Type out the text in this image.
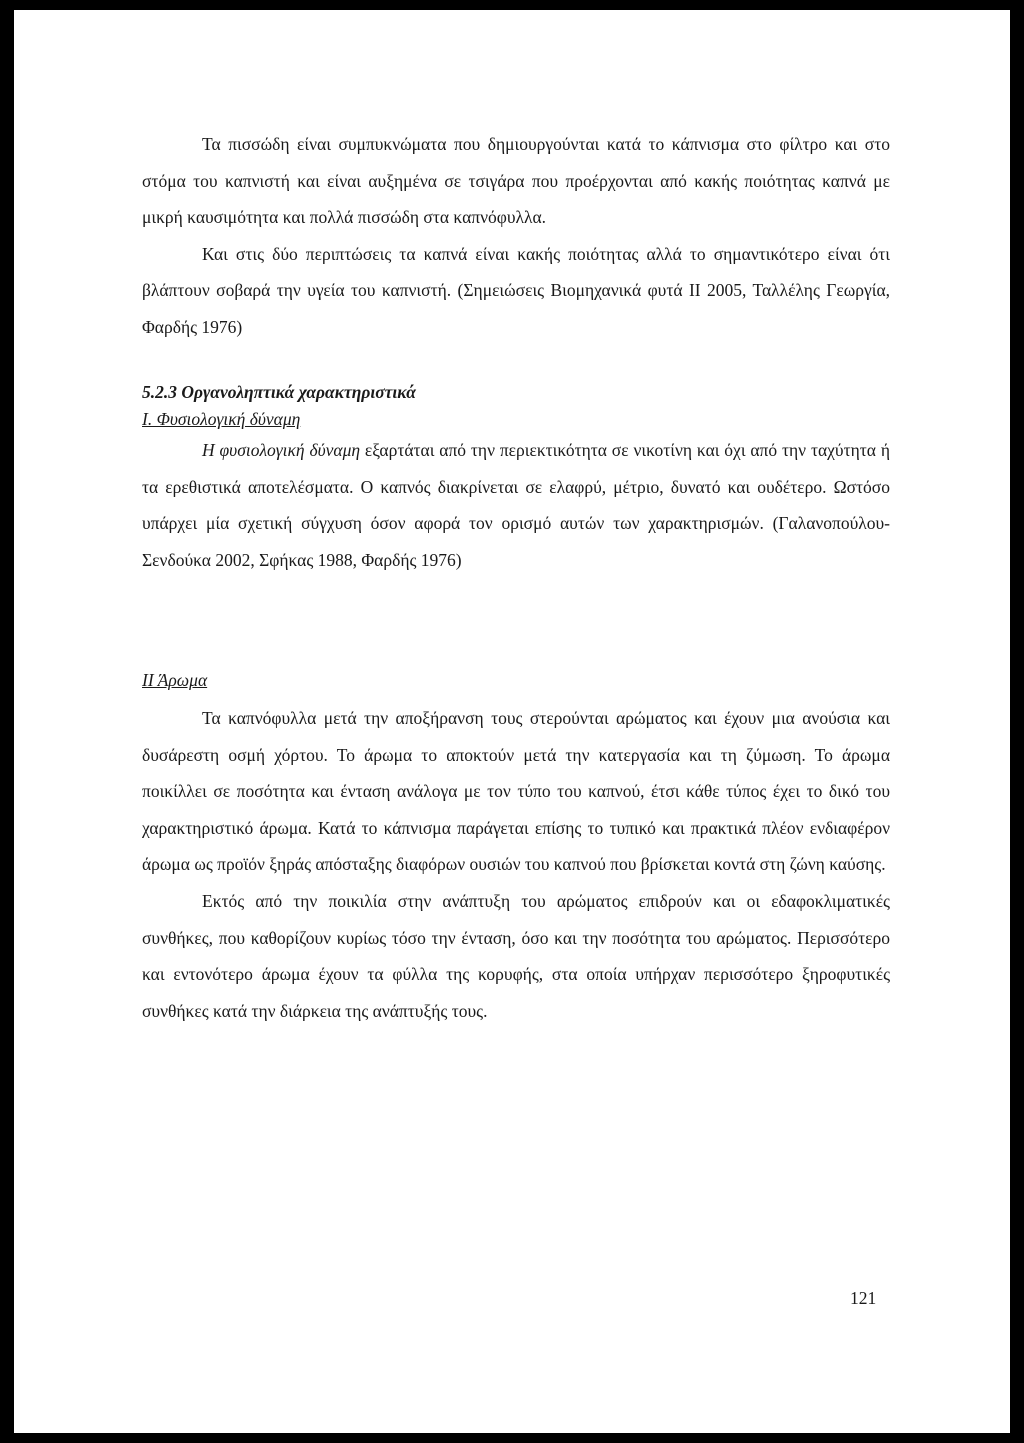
Τα πισσώδη είναι συμπυκνώματα που δημιουργούνται κατά το κάπνισμα στο φίλτρο και στο στόμα του καπνιστή και είναι αυξημένα σε τσιγάρα που προέρχονται από κακής ποιότητας καπνά με μικρή καυσιμότητα και πολλά πισσώδη στα καπνόφυλλα.

Και στις δύο περιπτώσεις τα καπνά είναι κακής ποιότητας αλλά το σημαντικότερο είναι ότι βλάπτουν σοβαρά την υγεία του καπνιστή. (Σημειώσεις Βιομηχανικά φυτά ΙΙ 2005, Ταλλέλης Γεωργία, Φαρδής 1976)

5.2.3 Οργανοληπτικά χαρακτηριστικά

Ι. Φυσιολογική δύναμη

Η φυσιολογική δύναμη εξαρτάται από την περιεκτικότητα σε νικοτίνη και όχι από την ταχύτητα ή τα ερεθιστικά αποτελέσματα. Ο καπνός διακρίνεται σε ελαφρύ, μέτριο, δυνατό και ουδέτερο. Ωστόσο υπάρχει μία σχετική σύγχυση όσον αφορά τον ορισμό αυτών των χαρακτηρισμών. (Γαλανοπούλου-Σενδούκα 2002, Σφήκας 1988, Φαρδής 1976)

ΙΙ Άρωμα

Τα καπνόφυλλα μετά την αποξήρανση τους στερούνται αρώματος και έχουν μια ανούσια και δυσάρεστη οσμή χόρτου. Το άρωμα το αποκτούν μετά την κατεργασία και τη ζύμωση. Το άρωμα ποικίλλει σε ποσότητα και ένταση ανάλογα με τον τύπο του καπνού, έτσι κάθε τύπος έχει το δικό του χαρακτηριστικό άρωμα. Κατά το κάπνισμα παράγεται επίσης το τυπικό και πρακτικά πλέον ενδιαφέρον άρωμα ως προϊόν ξηράς απόσταξης διαφόρων ουσιών του καπνού που βρίσκεται κοντά στη ζώνη καύσης.

Εκτός από την ποικιλία στην ανάπτυξη του αρώματος επιδρούν και οι εδαφοκλιματικές συνθήκες, που καθορίζουν κυρίως τόσο την ένταση, όσο και την ποσότητα του αρώματος. Περισσότερο και εντονότερο άρωμα έχουν τα φύλλα της κορυφής, στα οποία υπήρχαν περισσότερο ξηροφυτικές συνθήκες κατά την διάρκεια της ανάπτυξής τους.

121
